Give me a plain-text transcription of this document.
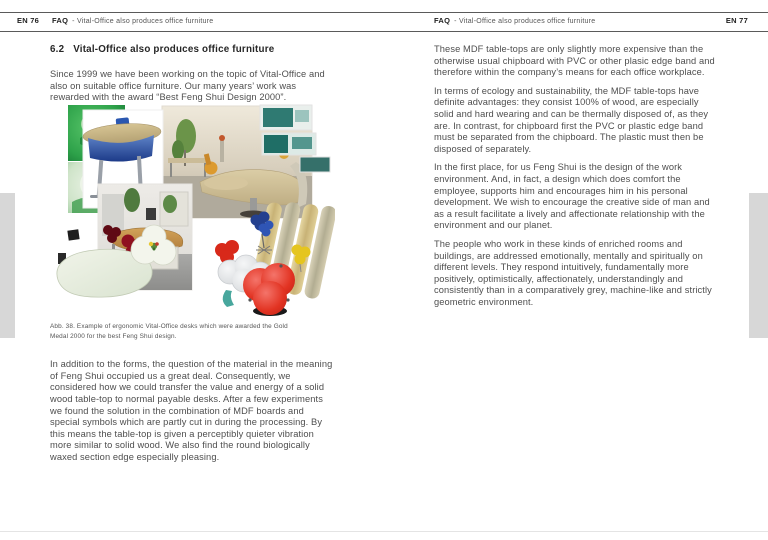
EN 76	FAQ - Vital-Office also produces office furniture	FAQ - Vital-Office also produces office furniture	EN 77
6.2 Vital-Office also produces office furniture

Since 1999 we have been working on the topic of Vital-Office and also on suitable office furniture. Our many years’ work was rewarded with the award “Best Feng Shui Design 2000”.

Abb. 38. Example of ergonomic Vital-Office desks which were awarded the Gold Medal 2000 for the best Feng Shui design.

In addition to the forms, the question of the material in the meaning of Feng Shui occupied us a great deal. Consequently, we considered how we could transfer the value and energy of a solid wood table-top to normal payable desks. After a few experiments we found the solution in the combination of MDF boards and special symbols which are partly cut in during the processing. By this means the table-top is given a perceptibly quieter vibration more similar to solid wood. We also find the round biologically waxed section edge especially pleasing.

These MDF table-tops are only slightly more expensive than the otherwise usual chipboard with PVC or other plasic edge band and therefore within the company’s means for each office workplace.

In terms of ecology and sustainability, the MDF table-tops have definite advantages: they consist 100% of wood, are especially solid and hard wearing and can be thermally disposed of, as they are. In contrast, for chipboard first the PVC or plastic edge band must be separated from the chipboard. The plastic must then be disposed of separately.

In the first place, for us Feng Shui is the design of the work environment. And, in fact, a design which does comfort the employee, supports him and encourages him in his personal development. We wish to encourage the creative side of man and as a result facilitate a lively and affectionate relationship with the environment and our planet.

The people who work in these kinds of enriched rooms and buildings, are addressed emotionally, mentally and spiritually on different levels. They respond intuitively, fundamentally more positively, optimistically, affectionately, understandingly and consistently than in a comparatively grey, machine-like and strictly geometric environment.
